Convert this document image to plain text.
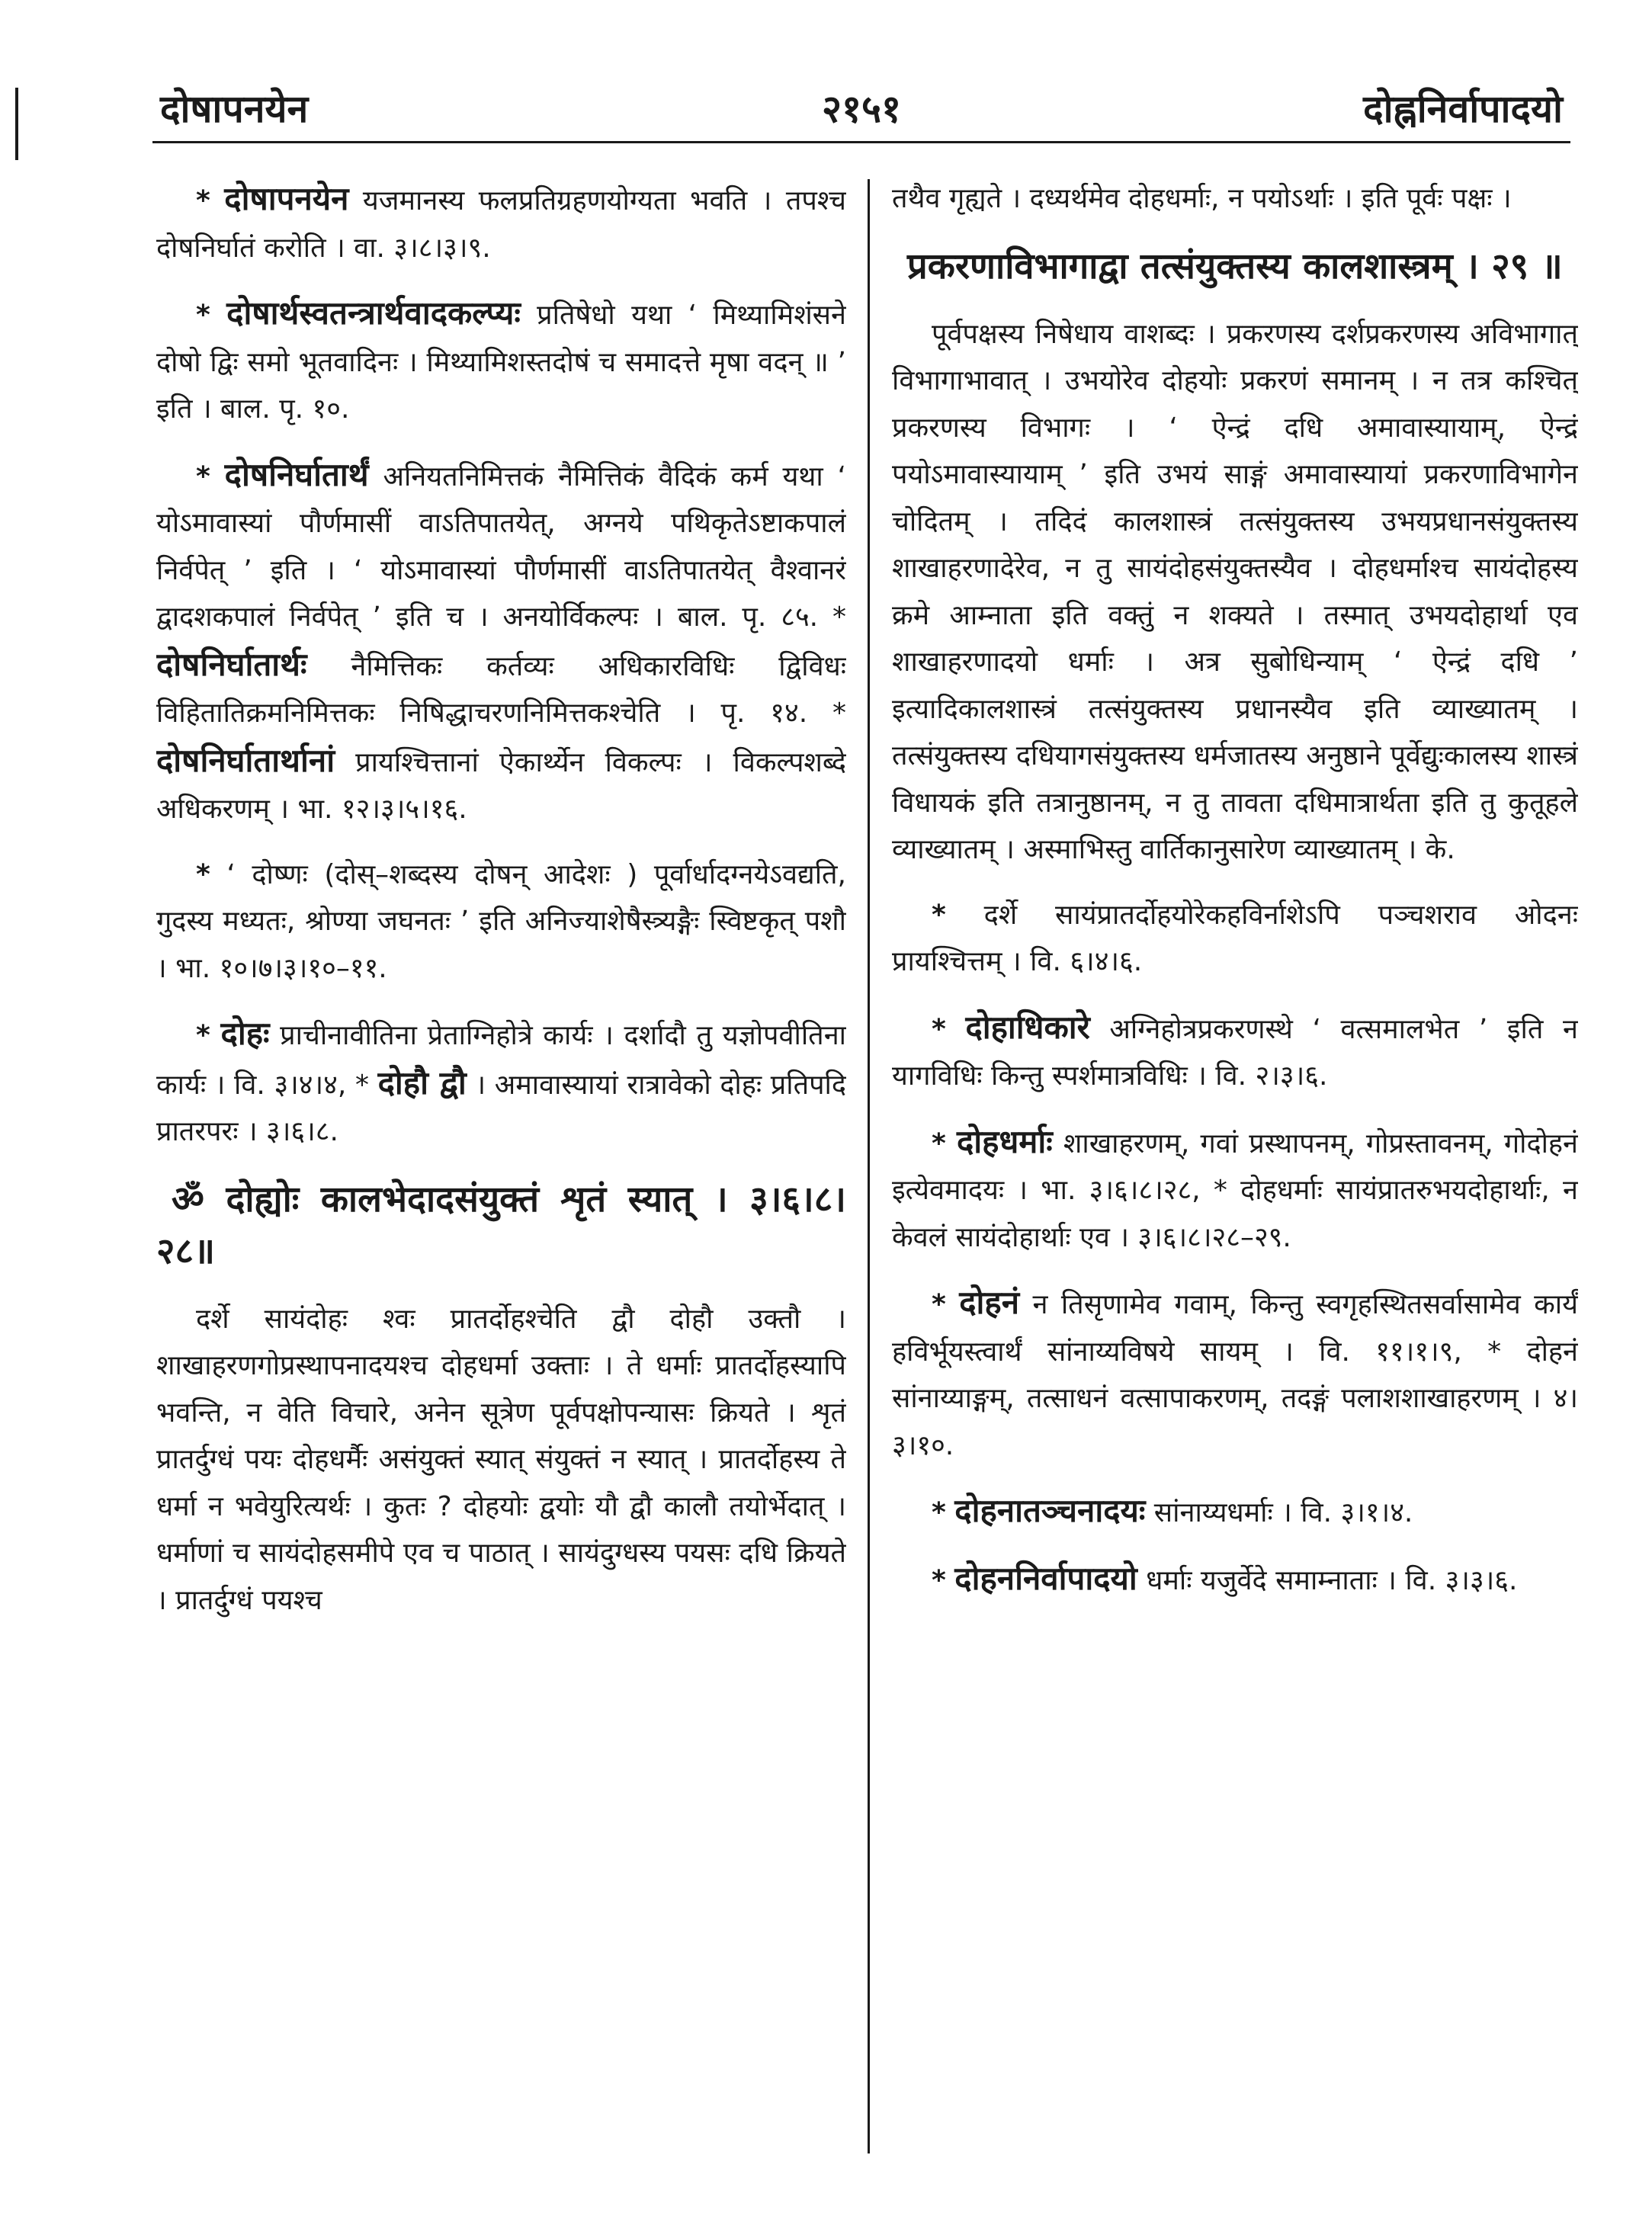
दोषापनयेन	२१५१	दोह्ननिर्वापादयो

* दोषापनयेन यजमानस्य फलप्रतिग्रहणयोग्यता भवति । तपश्च दोषनिर्घातं करोति । वा. ३।८।३।९.

* दोषार्थस्वतन्त्रार्थवादकल्प्यः प्रतिषेधो यथा ‘ मिथ्यामिशंसने दोषो द्विः समो भूतवादिनः । मिथ्यामिशस्तदोषं च समादत्ते मृषा वदन् ॥ ’ इति । बाल. पृ. १०.

* दोषनिर्घातार्थं अनियतनिमित्तकं नैमित्तिकं वैदिकं कर्म यथा ‘ योऽमावास्यां पौर्णमासीं वाऽतिपातयेत्, अग्नये पथिकृतेऽष्टाकपालं निर्वपेत् ’ इति । ‘ योऽमावास्यां पौर्णमासीं वाऽतिपातयेत् वैश्वानरं द्वादशकपालं निर्वपेत् ’ इति च । अनयोर्विकल्पः । बाल. पृ. ८५. * दोषनिर्घातार्थः नैमित्तिकः कर्तव्यः अधिकारविधिः द्विविधः विहितातिक्रमनिमित्तकः निषिद्धाचरणनिमित्तकश्चेति । पृ. १४. * दोषनिर्घातार्थानां प्रायश्चित्तानां ऐकार्थ्येन विकल्पः । विकल्पशब्दे अधिकरणम् । भा. १२।३।५।१६.

* ‘ दोष्णः (दोस्–शब्दस्य दोषन् आदेशः ) पूर्वार्धादग्नयेऽवद्यति, गुदस्य मध्यतः, श्रोण्या जघनतः ’ इति अनिज्याशेषैस्त्र्यङ्गैः स्विष्टकृत् पशौ । भा. १०।७।३।१०–११.

* दोहः प्राचीनावीतिना प्रेताग्निहोत्रे कार्यः । दर्शादौ तु यज्ञोपवीतिना कार्यः । वि. ३।४।४, * दोहौ द्वौ । अमावास्यायां रात्रावेको दोहः प्रतिपदि प्रातरपरः । ३।६।८.

ॐ दोह्योः कालभेदादसंयुक्तं शृतं स्यात् । ३।६।८।२८॥

दर्शे सायंदोहः श्वः प्रातर्दोहश्चेति द्वौ दोहौ उक्तौ । शाखाहरणगोप्रस्थापनादयश्च दोहधर्मा उक्ताः । ते धर्माः प्रातर्दोहस्यापि भवन्ति, न वेति विचारे, अनेन सूत्रेण पूर्वपक्षोपन्यासः क्रियते । शृतं प्रातर्दुग्धं पयः दोहधर्मैः असंयुक्तं स्यात् संयुक्तं न स्यात् । प्रातर्दोहस्य ते धर्मा न भवेयुरित्यर्थः । कुतः ? दोहयोः द्वयोः यौ द्वौ कालौ तयोर्भेदात् । धर्माणां च सायंदोहसमीपे एव च पाठात् । सायंदुग्धस्य पयसः दधि क्रियते । प्रातर्दुग्धं पयश्च

तथैव गृह्यते । दध्यर्थमेव दोहधर्माः, न पयोऽर्थाः । इति पूर्वः पक्षः ।

प्रकरणाविभागाद्वा तत्संयुक्तस्य कालशास्त्रम् । २९ ॥

पूर्वपक्षस्य निषेधाय वाशब्दः । प्रकरणस्य दर्शप्रकरणस्य अविभागात् विभागाभावात् । उभयोरेव दोहयोः प्रकरणं समानम् । न तत्र कश्चित् प्रकरणस्य विभागः । ‘ ऐन्द्रं दधि अमावास्यायाम्, ऐन्द्रं पयोऽमावास्यायाम् ’ इति उभयं साङ्गं अमावास्यायां प्रकरणाविभागेन चोदितम् । तदिदं कालशास्त्रं तत्संयुक्तस्य उभयप्रधानसंयुक्तस्य शाखाहरणादेरेव, न तु सायंदोहसंयुक्तस्यैव । दोहधर्माश्च सायंदोहस्य क्रमे आम्नाता इति वक्तुं न शक्यते । तस्मात् उभयदोहार्था एव शाखाहरणादयो धर्माः । अत्र सुबोधिन्याम् ‘ ऐन्द्रं दधि ’ इत्यादिकालशास्त्रं तत्संयुक्तस्य प्रधानस्यैव इति व्याख्यातम् । तत्संयुक्तस्य दधियागसंयुक्तस्य धर्मजातस्य अनुष्ठाने पूर्वेद्युःकालस्य शास्त्रं विधायकं इति तत्रानुष्ठानम्, न तु तावता दधिमात्रार्थता इति तु कुतूहले व्याख्यातम् । अस्माभिस्तु वार्तिकानुसारेण व्याख्यातम् । के.

* दर्शे सायंप्रातर्दोहयोरेकहविर्नाशेऽपि पञ्चशराव ओदनः प्रायश्चित्तम् । वि. ६।४।६.

* दोहाधिकारे अग्निहोत्रप्रकरणस्थे ‘ वत्समालभेत ’ इति न यागविधिः किन्तु स्पर्शमात्रविधिः । वि. २।३।६.

* दोहधर्माः शाखाहरणम्, गवां प्रस्थापनम्, गोप्रस्तावनम्, गोदोहनं इत्येवमादयः । भा. ३।६।८।२८, * दोहधर्माः सायंप्रातरुभयदोहार्थाः, न केवलं सायंदोहार्थाः एव । ३।६।८।२८–२९.

* दोहनं न तिसृणामेव गवाम्, किन्तु स्वगृहस्थितसर्वासामेव कार्यं हविर्भूयस्त्वार्थं सांनाय्यविषये सायम् । वि. ११।१।९, * दोहनं सांनाय्याङ्गम्, तत्साधनं वत्सापाकरणम्, तदङ्गं पलाशशाखाहरणम् । ४।३।१०.

* दोहनातञ्चनादयः सांनाय्यधर्माः । वि. ३।१।४.

* दोहननिर्वापादयो धर्माः यजुर्वेदे समाम्नाताः । वि. ३।३।६.
